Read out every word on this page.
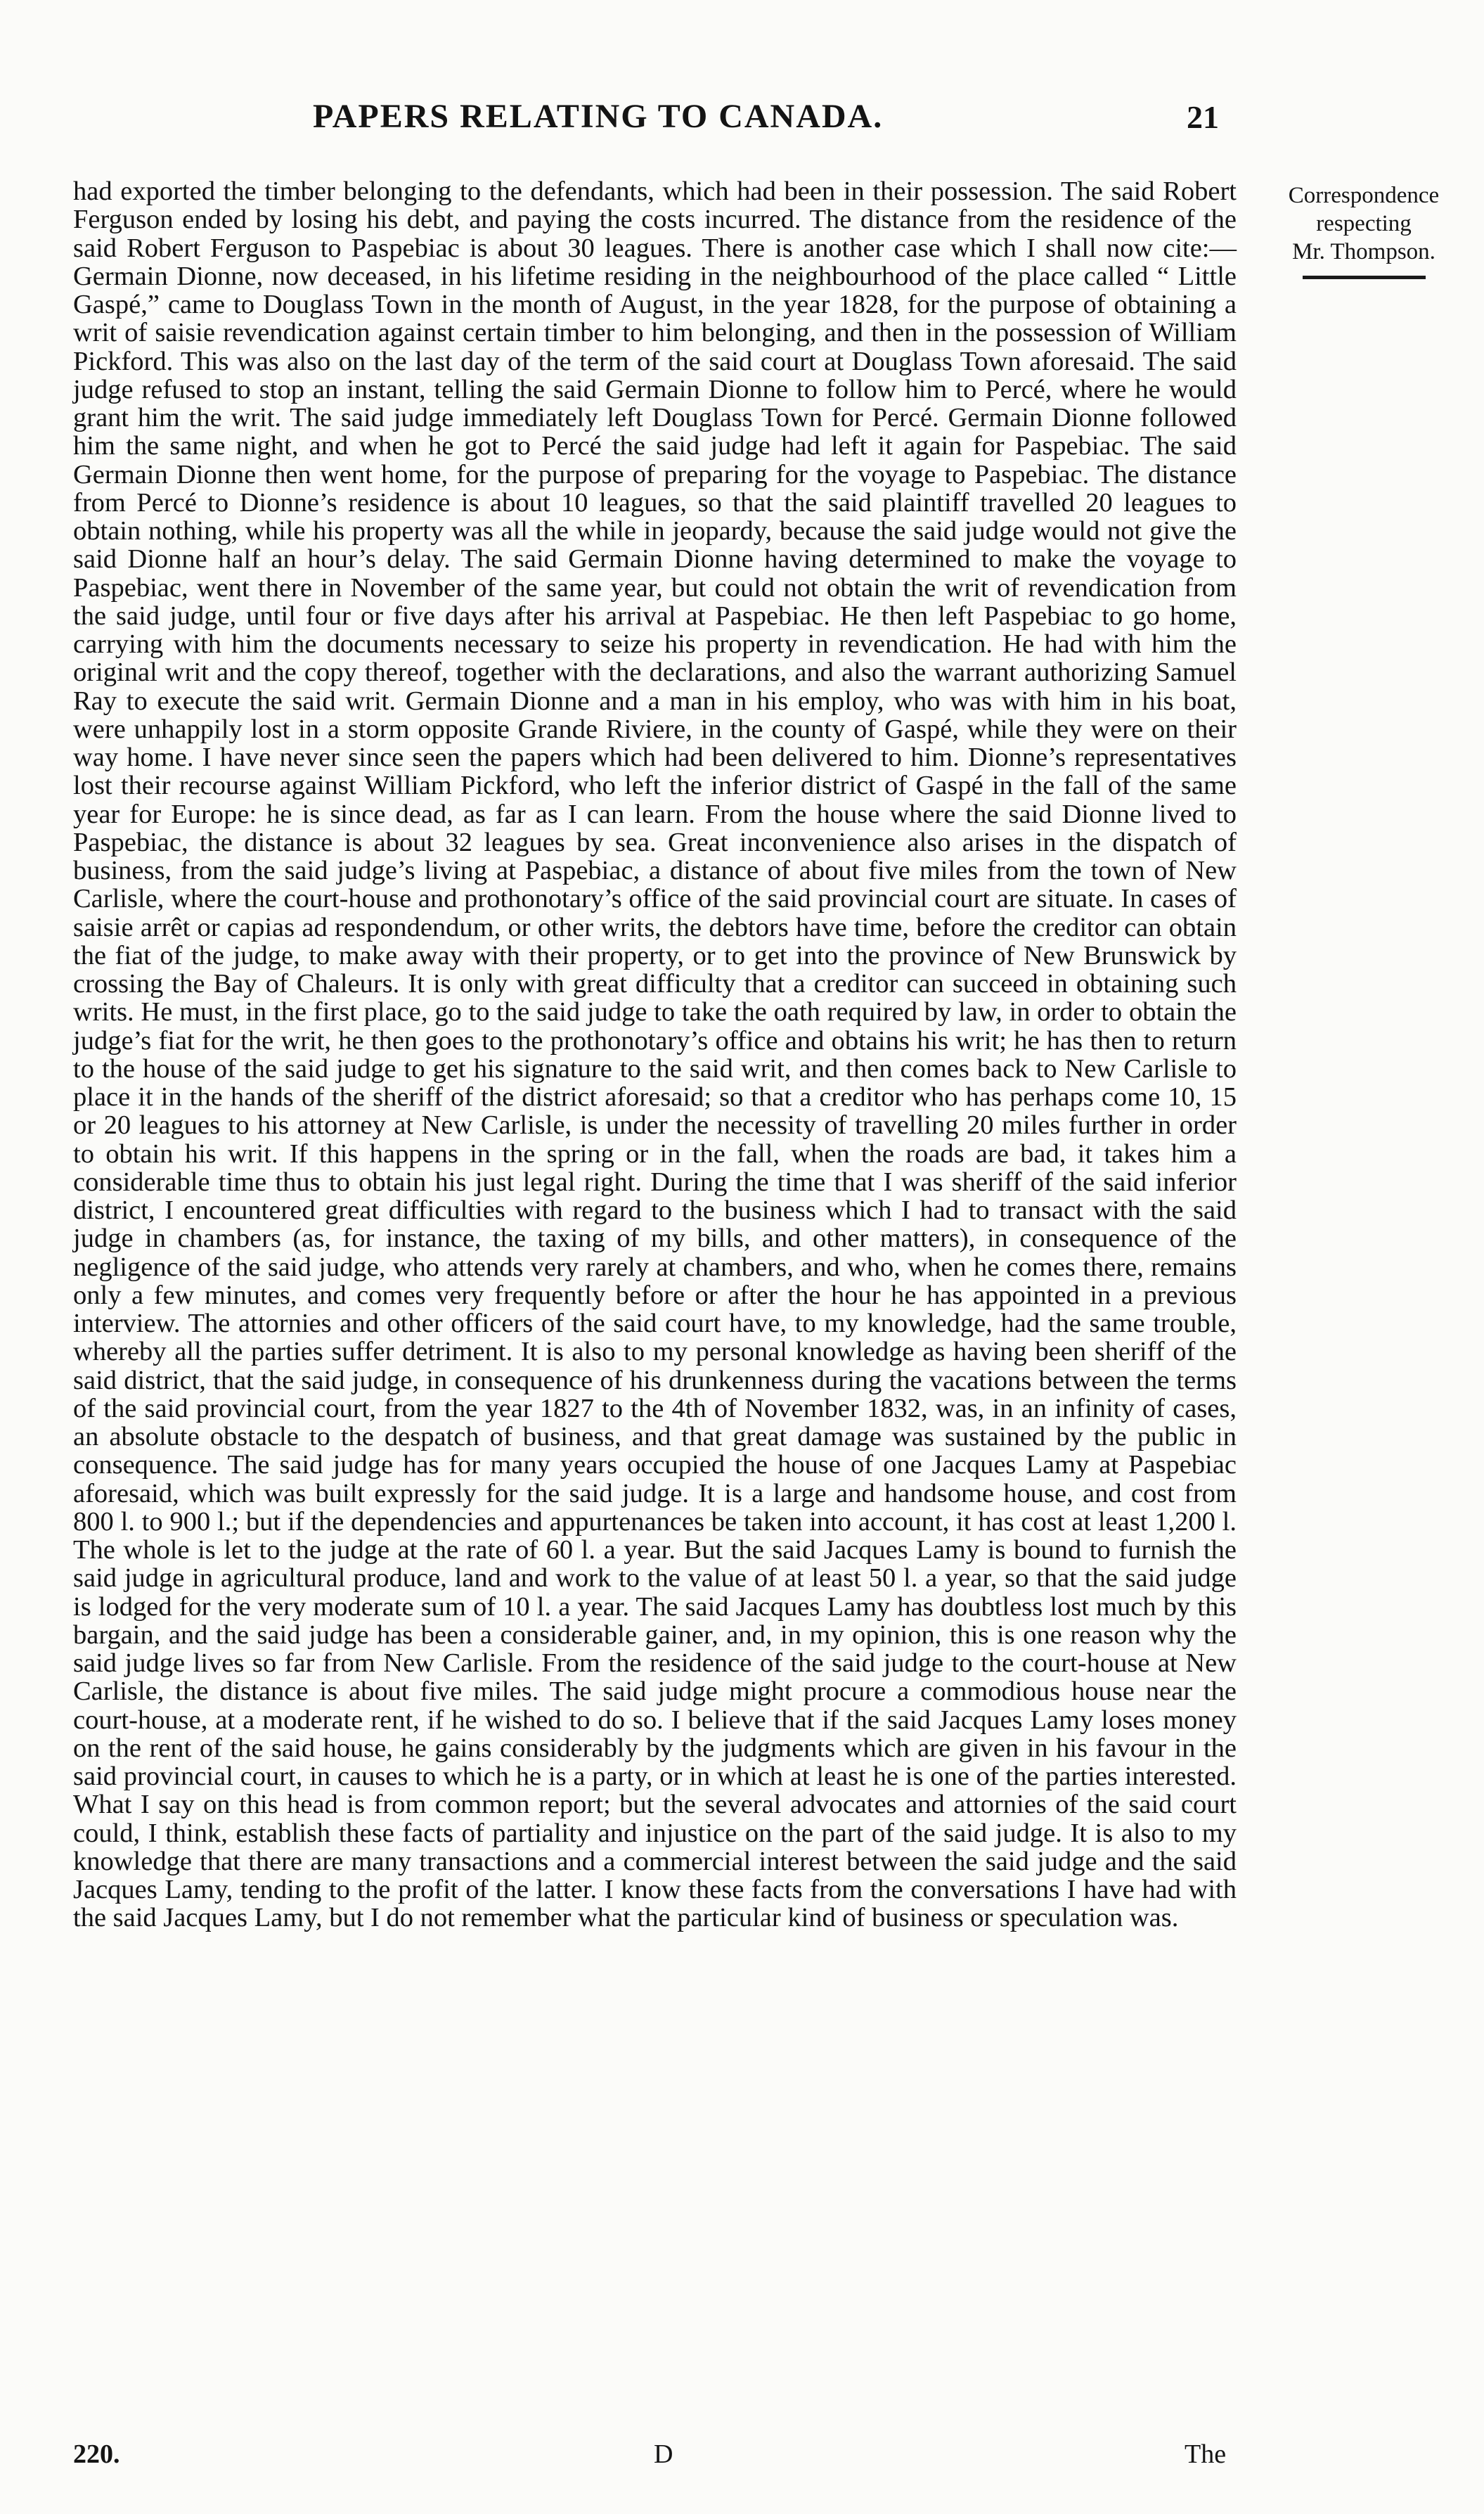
PAPERS RELATING TO CANADA.	21
Correspondence
respecting
Mr. Thompson.

had exported the timber belonging to the defendants, which had been in their possession. The said Robert Ferguson ended by losing his debt, and paying the costs incurred. The distance from the residence of the said Robert Ferguson to Paspebiac is about 30 leagues. There is another case which I shall now cite:—Germain Dionne, now deceased, in his lifetime residing in the neighbourhood of the place called “ Little Gaspé,” came to Douglass Town in the month of August, in the year 1828, for the purpose of obtaining a writ of saisie revendication against certain timber to him belonging, and then in the possession of William Pickford. This was also on the last day of the term of the said court at Douglass Town aforesaid. The said judge refused to stop an instant, telling the said Germain Dionne to follow him to Percé, where he would grant him the writ. The said judge immediately left Douglass Town for Percé. Germain Dionne followed him the same night, and when he got to Percé the said judge had left it again for Paspebiac. The said Germain Dionne then went home, for the purpose of preparing for the voyage to Paspebiac. The distance from Percé to Dionne’s residence is about 10 leagues, so that the said plaintiff travelled 20 leagues to obtain nothing, while his property was all the while in jeopardy, because the said judge would not give the said Dionne half an hour’s delay. The said Germain Dionne having determined to make the voyage to Paspebiac, went there in November of the same year, but could not obtain the writ of revendication from the said judge, until four or five days after his arrival at Paspebiac. He then left Paspebiac to go home, carrying with him the documents necessary to seize his property in revendication. He had with him the original writ and the copy thereof, together with the declarations, and also the warrant authorizing Samuel Ray to execute the said writ. Germain Dionne and a man in his employ, who was with him in his boat, were unhappily lost in a storm opposite Grande Riviere, in the county of Gaspé, while they were on their way home. I have never since seen the papers which had been delivered to him. Dionne’s representatives lost their recourse against William Pickford, who left the inferior district of Gaspé in the fall of the same year for Europe: he is since dead, as far as I can learn. From the house where the said Dionne lived to Paspebiac, the distance is about 32 leagues by sea. Great inconvenience also arises in the dispatch of business, from the said judge’s living at Paspebiac, a distance of about five miles from the town of New Carlisle, where the court-house and prothonotary’s office of the said provincial court are situate. In cases of saisie arrêt or capias ad respondendum, or other writs, the debtors have time, before the creditor can obtain the fiat of the judge, to make away with their property, or to get into the province of New Brunswick by crossing the Bay of Chaleurs. It is only with great difficulty that a creditor can succeed in obtaining such writs. He must, in the first place, go to the said judge to take the oath required by law, in order to obtain the judge’s fiat for the writ, he then goes to the prothonotary’s office and obtains his writ; he has then to return to the house of the said judge to get his signature to the said writ, and then comes back to New Carlisle to place it in the hands of the sheriff of the district aforesaid; so that a creditor who has perhaps come 10, 15 or 20 leagues to his attorney at New Carlisle, is under the necessity of travelling 20 miles further in order to obtain his writ. If this happens in the spring or in the fall, when the roads are bad, it takes him a considerable time thus to obtain his just legal right. During the time that I was sheriff of the said inferior district, I encountered great difficulties with regard to the business which I had to transact with the said judge in chambers (as, for instance, the taxing of my bills, and other matters), in consequence of the negligence of the said judge, who attends very rarely at chambers, and who, when he comes there, remains only a few minutes, and comes very frequently before or after the hour he has appointed in a previous interview. The attornies and other officers of the said court have, to my knowledge, had the same trouble, whereby all the parties suffer detriment. It is also to my personal knowledge as having been sheriff of the said district, that the said judge, in consequence of his drunkenness during the vacations between the terms of the said provincial court, from the year 1827 to the 4th of November 1832, was, in an infinity of cases, an absolute obstacle to the despatch of business, and that great damage was sustained by the public in consequence. The said judge has for many years occupied the house of one Jacques Lamy at Paspebiac aforesaid, which was built expressly for the said judge. It is a large and handsome house, and cost from 800 l. to 900 l.; but if the dependencies and appurtenances be taken into account, it has cost at least 1,200 l. The whole is let to the judge at the rate of 60 l. a year. But the said Jacques Lamy is bound to furnish the said judge in agricultural produce, land and work to the value of at least 50 l. a year, so that the said judge is lodged for the very moderate sum of 10 l. a year. The said Jacques Lamy has doubtless lost much by this bargain, and the said judge has been a considerable gainer, and, in my opinion, this is one reason why the said judge lives so far from New Carlisle. From the residence of the said judge to the court-house at New Carlisle, the distance is about five miles. The said judge might procure a commodious house near the court-house, at a moderate rent, if he wished to do so. I believe that if the said Jacques Lamy loses money on the rent of the said house, he gains considerably by the judgments which are given in his favour in the said provincial court, in causes to which he is a party, or in which at least he is one of the parties interested. What I say on this head is from common report; but the several advocates and attornies of the said court could, I think, establish these facts of partiality and injustice on the part of the said judge. It is also to my knowledge that there are many transactions and a commercial interest between the said judge and the said Jacques Lamy, tending to the profit of the latter. I know these facts from the conversations I have had with the said Jacques Lamy, but I do not remember what the particular kind of business or speculation was.

220.	D	The
